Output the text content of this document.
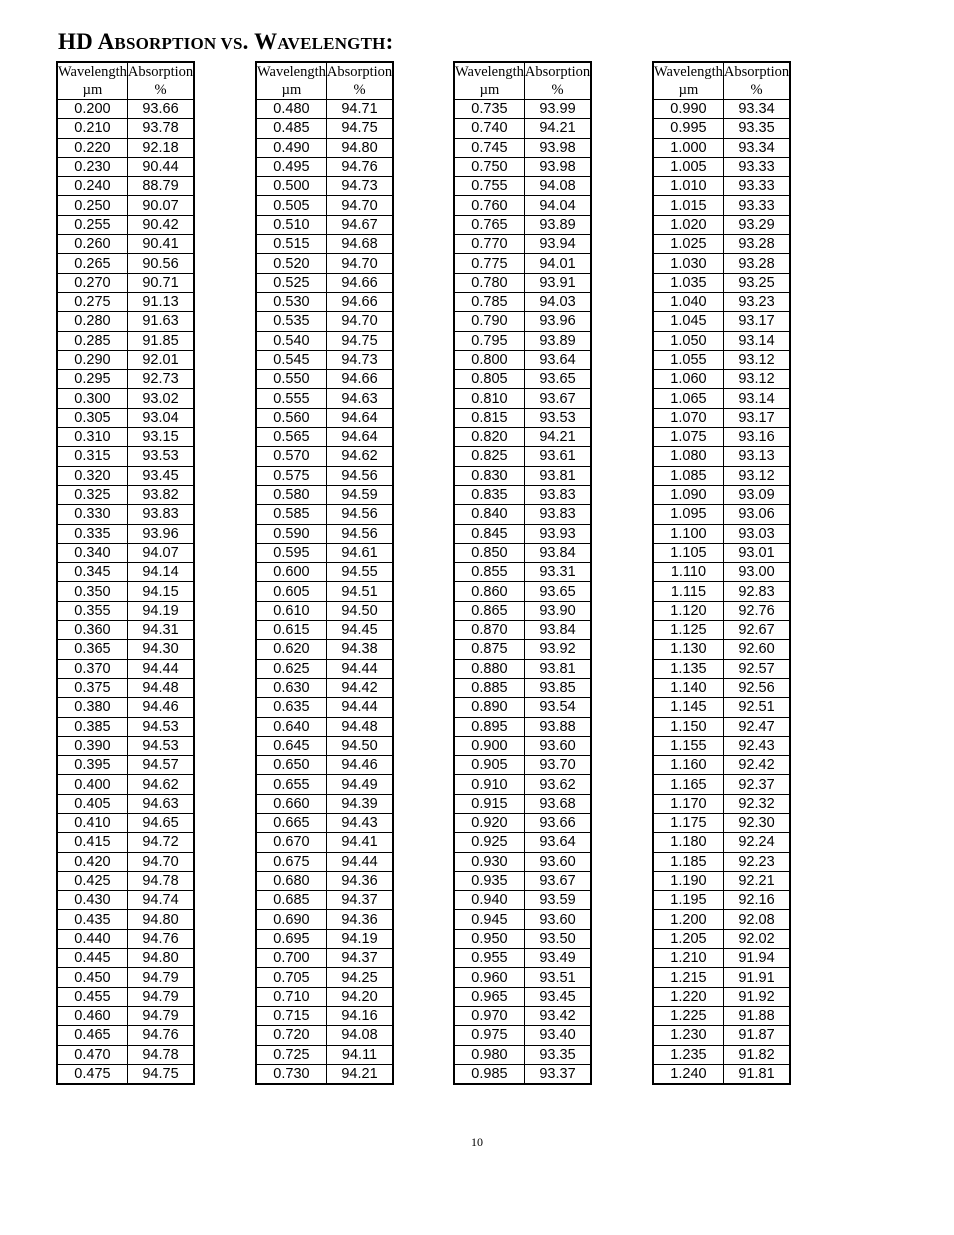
HD ABSORPTION VS. WAVELENGTH:
Wavelength	Absorption
µm	%
0.200	93.66
0.210	93.78
0.220	92.18
0.230	90.44
0.240	88.79
0.250	90.07
0.255	90.42
0.260	90.41
0.265	90.56
0.270	90.71
0.275	91.13
0.280	91.63
0.285	91.85
0.290	92.01
0.295	92.73
0.300	93.02
0.305	93.04
0.310	93.15
0.315	93.53
0.320	93.45
0.325	93.82
0.330	93.83
0.335	93.96
0.340	94.07
0.345	94.14
0.350	94.15
0.355	94.19
0.360	94.31
0.365	94.30
0.370	94.44
0.375	94.48
0.380	94.46
0.385	94.53
0.390	94.53
0.395	94.57
0.400	94.62
0.405	94.63
0.410	94.65
0.415	94.72
0.420	94.70
0.425	94.78
0.430	94.74
0.435	94.80
0.440	94.76
0.445	94.80
0.450	94.79
0.455	94.79
0.460	94.79
0.465	94.76
0.470	94.78
0.475	94.75
Wavelength	Absorption
µm	%
0.480	94.71
0.485	94.75
0.490	94.80
0.495	94.76
0.500	94.73
0.505	94.70
0.510	94.67
0.515	94.68
0.520	94.70
0.525	94.66
0.530	94.66
0.535	94.70
0.540	94.75
0.545	94.73
0.550	94.66
0.555	94.63
0.560	94.64
0.565	94.64
0.570	94.62
0.575	94.56
0.580	94.59
0.585	94.56
0.590	94.56
0.595	94.61
0.600	94.55
0.605	94.51
0.610	94.50
0.615	94.45
0.620	94.38
0.625	94.44
0.630	94.42
0.635	94.44
0.640	94.48
0.645	94.50
0.650	94.46
0.655	94.49
0.660	94.39
0.665	94.43
0.670	94.41
0.675	94.44
0.680	94.36
0.685	94.37
0.690	94.36
0.695	94.19
0.700	94.37
0.705	94.25
0.710	94.20
0.715	94.16
0.720	94.08
0.725	94.11
0.730	94.21
Wavelength	Absorption
µm	%
0.735	93.99
0.740	94.21
0.745	93.98
0.750	93.98
0.755	94.08
0.760	94.04
0.765	93.89
0.770	93.94
0.775	94.01
0.780	93.91
0.785	94.03
0.790	93.96
0.795	93.89
0.800	93.64
0.805	93.65
0.810	93.67
0.815	93.53
0.820	94.21
0.825	93.61
0.830	93.81
0.835	93.83
0.840	93.83
0.845	93.93
0.850	93.84
0.855	93.31
0.860	93.65
0.865	93.90
0.870	93.84
0.875	93.92
0.880	93.81
0.885	93.85
0.890	93.54
0.895	93.88
0.900	93.60
0.905	93.70
0.910	93.62
0.915	93.68
0.920	93.66
0.925	93.64
0.930	93.60
0.935	93.67
0.940	93.59
0.945	93.60
0.950	93.50
0.955	93.49
0.960	93.51
0.965	93.45
0.970	93.42
0.975	93.40
0.980	93.35
0.985	93.37
Wavelength	Absorption
µm	%
0.990	93.34
0.995	93.35
1.000	93.34
1.005	93.33
1.010	93.33
1.015	93.33
1.020	93.29
1.025	93.28
1.030	93.28
1.035	93.25
1.040	93.23
1.045	93.17
1.050	93.14
1.055	93.12
1.060	93.12
1.065	93.14
1.070	93.17
1.075	93.16
1.080	93.13
1.085	93.12
1.090	93.09
1.095	93.06
1.100	93.03
1.105	93.01
1.110	93.00
1.115	92.83
1.120	92.76
1.125	92.67
1.130	92.60
1.135	92.57
1.140	92.56
1.145	92.51
1.150	92.47
1.155	92.43
1.160	92.42
1.165	92.37
1.170	92.32
1.175	92.30
1.180	92.24
1.185	92.23
1.190	92.21
1.195	92.16
1.200	92.08
1.205	92.02
1.210	91.94
1.215	91.91
1.220	91.92
1.225	91.88
1.230	91.87
1.235	91.82
1.240	91.81
10
